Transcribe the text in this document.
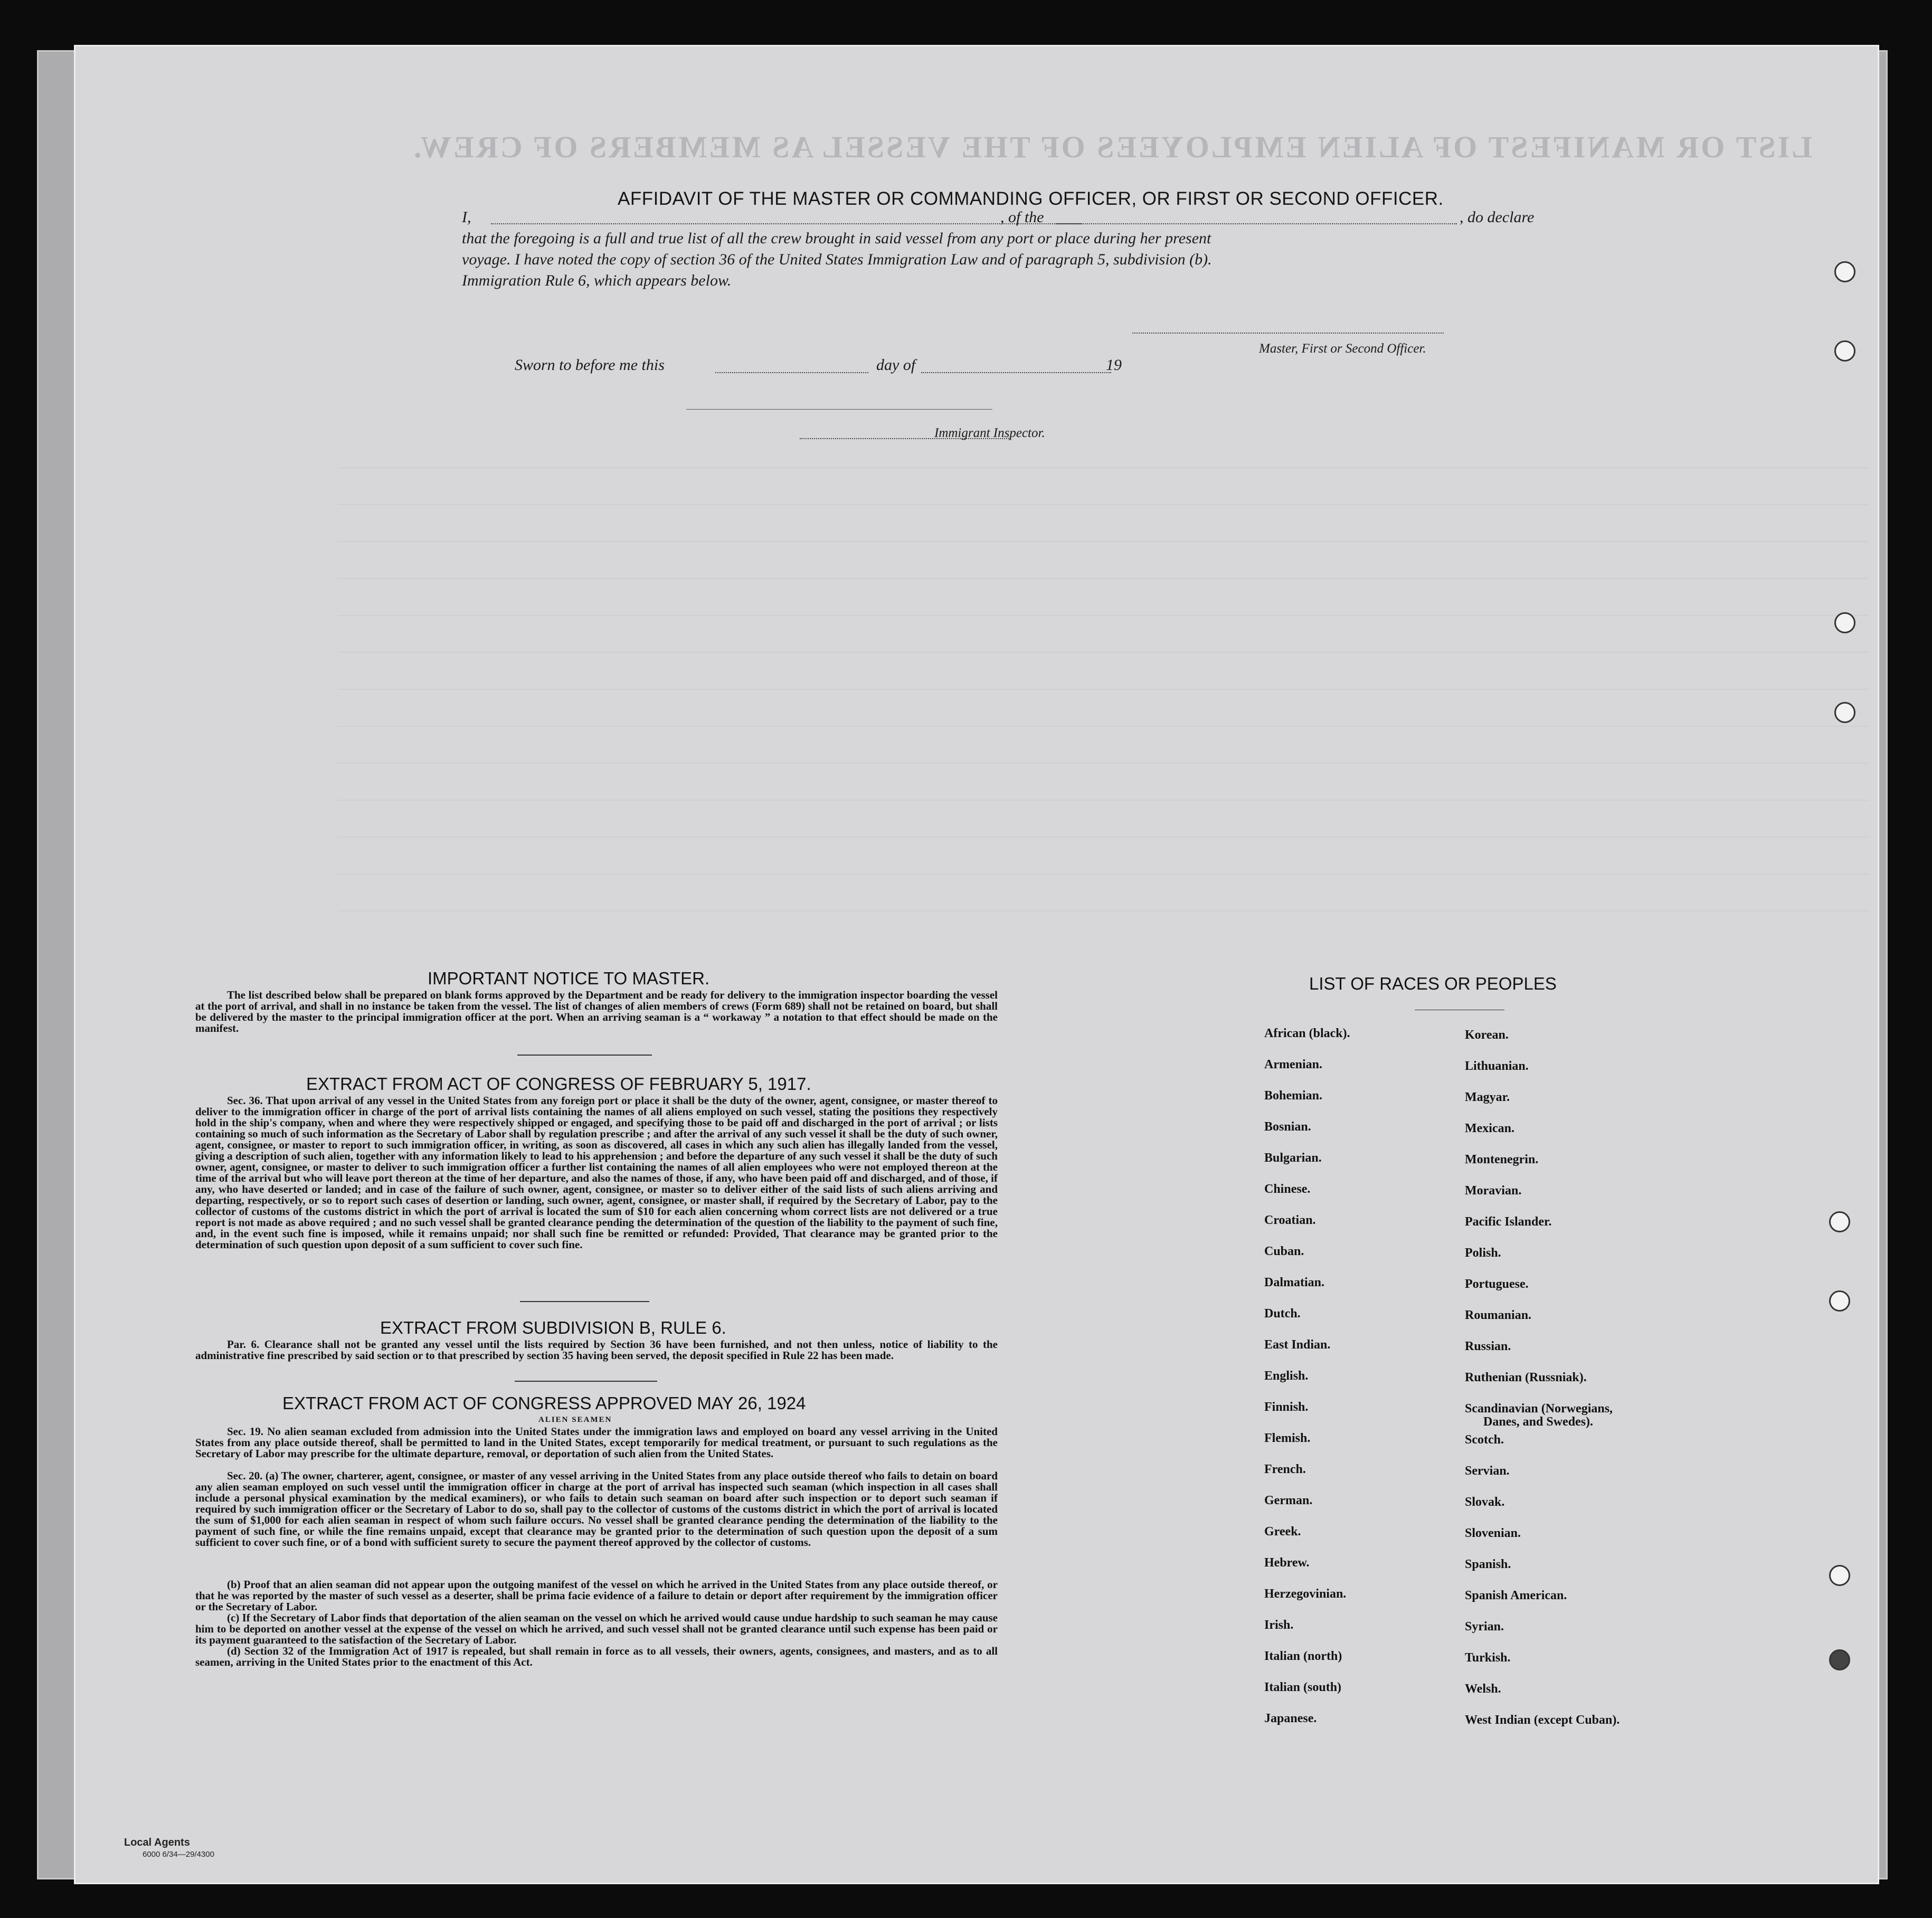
LIST OR MANIFEST OF ALIEN EMPLOYEES OF THE VESSEL AS MEMBERS OF CREW.
AFFIDAVIT OF THE MASTER OR COMMANDING OFFICER, OR FIRST OR SECOND OFFICER.
I,	, of the	, do declare
that the foregoing is a full and true list of all the crew brought in said vessel from any port or place during her present
voyage. I have noted the copy of section 36 of the United States Immigration Law and of paragraph 5, subdivision (b).
Immigration Rule 6, which appears below.
Master, First or Second Officer.
Sworn to before me this	day of	19
Immigrant Inspector.
IMPORTANT NOTICE TO MASTER.
The list described below shall be prepared on blank forms approved by the Department and be ready for delivery to the immigration inspector boarding the vessel at the port of arrival, and shall in no instance be taken from the vessel. The list of changes of alien members of crews (Form 689) shall not be retained on board, but shall be delivered by the master to the principal immigration officer at the port. When an arriving seaman is a “ workaway ” a notation to that effect should be made on the manifest.
EXTRACT FROM ACT OF CONGRESS OF FEBRUARY 5, 1917.
Sec. 36. That upon arrival of any vessel in the United States from any foreign port or place it shall be the duty of the owner, agent, consignee, or master thereof to deliver to the immigration officer in charge of the port of arrival lists containing the names of all aliens employed on such vessel, stating the positions they respectively hold in the ship's company, when and where they were respectively shipped or engaged, and specifying those to be paid off and discharged in the port of arrival ; or lists containing so much of such information as the Secretary of Labor shall by regulation prescribe ; and after the arrival of any such vessel it shall be the duty of such owner, agent, consignee, or master to report to such immigration officer, in writing, as soon as discovered, all cases in which any such alien has illegally landed from the vessel, giving a description of such alien, together with any information likely to lead to his apprehension ; and before the departure of any such vessel it shall be the duty of such owner, agent, consignee, or master to deliver to such immigration officer a further list containing the names of all alien employees who were not employed thereon at the time of the arrival but who will leave port thereon at the time of her departure, and also the names of those, if any, who have been paid off and discharged, and of those, if any, who have deserted or landed; and in case of the failure of such owner, agent, consignee, or master so to deliver either of the said lists of such aliens arriving and departing, respectively, or so to report such cases of desertion or landing, such owner, agent, consignee, or master shall, if required by the Secretary of Labor, pay to the collector of customs of the customs district in which the port of arrival is located the sum of $10 for each alien concerning whom correct lists are not delivered or a true report is not made as above required ; and no such vessel shall be granted clearance pending the determination of the question of the liability to the payment of such fine, and, in the event such fine is imposed, while it remains unpaid; nor shall such fine be remitted or refunded: Provided, That clearance may be granted prior to the determination of such question upon deposit of a sum sufficient to cover such fine.
EXTRACT FROM SUBDIVISION B, RULE 6.
Par. 6. Clearance shall not be granted any vessel until the lists required by Section 36 have been furnished, and not then unless, notice of liability to the administrative fine prescribed by said section or to that prescribed by section 35 having been served, the deposit specified in Rule 22 has been made.
EXTRACT FROM ACT OF CONGRESS APPROVED MAY 26, 1924
ALIEN SEAMEN
Sec. 19. No alien seaman excluded from admission into the United States under the immigration laws and employed on board any vessel arriving in the United States from any place outside thereof, shall be permitted to land in the United States, except temporarily for medical treatment, or pursuant to such regulations as the Secretary of Labor may prescribe for the ultimate departure, removal, or deportation of such alien from the United States.
Sec. 20. (a) The owner, charterer, agent, consignee, or master of any vessel arriving in the United States from any place outside thereof who fails to detain on board any alien seaman employed on such vessel until the immigration officer in charge at the port of arrival has inspected such seaman (which inspection in all cases shall include a personal physical examination by the medical examiners), or who fails to detain such seaman on board after such inspection or to deport such seaman if required by such immigration officer or the Secretary of Labor to do so, shall pay to the collector of customs of the customs district in which the port of arrival is located the sum of $1,000 for each alien seaman in respect of whom such failure occurs. No vessel shall be granted clearance pending the determination of the liability to the payment of such fine, or while the fine remains unpaid, except that clearance may be granted prior to the determination of such question upon the deposit of a sum sufficient to cover such fine, or of a bond with sufficient surety to secure the payment thereof approved by the collector of customs.
(b) Proof that an alien seaman did not appear upon the outgoing manifest of the vessel on which he arrived in the United States from any place outside thereof, or that he was reported by the master of such vessel as a deserter, shall be prima facie evidence of a failure to detain or deport after requirement by the immigration officer or the Secretary of Labor.
(c) If the Secretary of Labor finds that deportation of the alien seaman on the vessel on which he arrived would cause undue hardship to such seaman he may cause him to be deported on another vessel at the expense of the vessel on which he arrived, and such vessel shall not be granted clearance until such expense has been paid or its payment guaranteed to the satisfaction of the Secretary of Labor.
(d) Section 32 of the Immigration Act of 1917 is repealed, but shall remain in force as to all vessels, their owners, agents, consignees, and masters, and as to all seamen, arriving in the United States prior to the enactment of this Act.
LIST OF RACES OR PEOPLES
African (black).
Armenian.
Bohemian.
Bosnian.
Bulgarian.
Chinese.
Croatian.
Cuban.
Dalmatian.
Dutch.
East Indian.
English.
Finnish.
Flemish.
French.
German.
Greek.
Hebrew.
Herzegovinian.
Irish.
Italian (north)
Italian (south)
Japanese.
Korean.
Lithuanian.
Magyar.
Mexican.
Montenegrin.
Moravian.
Pacific Islander.
Polish.
Portuguese.
Roumanian.
Russian.
Ruthenian (Russniak).
Scandinavian (Norwegians,
Danes, and Swedes).
Scotch.
Servian.
Slovak.
Slovenian.
Spanish.
Spanish American.
Syrian.
Turkish.
Welsh.
West Indian (except Cuban).
Local Agents
6000 6/34—29/4300
